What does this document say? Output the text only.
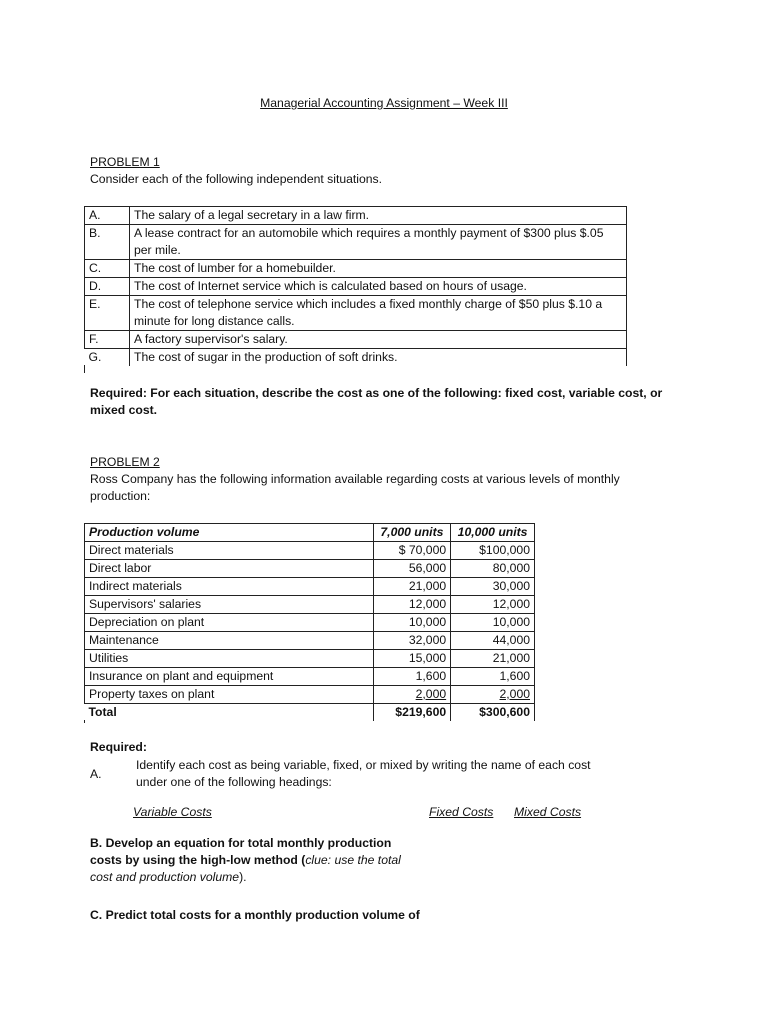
Managerial Accounting Assignment – Week III
PROBLEM 1
Consider each of the following independent situations.
A.	The salary of a legal secretary in a law firm.
B.	A lease contract for an automobile which requires a monthly payment of $300 plus $.05 per mile.
C.	The cost of lumber for a homebuilder.
D.	The cost of Internet service which is calculated based on hours of usage.
E.	The cost of telephone service which includes a fixed monthly charge of $50 plus $.10 a minute for long distance calls.
F.	A factory supervisor's salary.
G.	The cost of sugar in the production of soft drinks.
Required: For each situation, describe the cost as one of the following: fixed cost, variable cost, or mixed cost.
PROBLEM 2
Ross Company has the following information available regarding costs at various levels of monthly production:
Production volume	7,000 units	10,000 units
Direct materials	$ 70,000	$100,000
Direct labor	56,000	80,000
Indirect materials	21,000	30,000
Supervisors' salaries	12,000	12,000
Depreciation on plant	10,000	10,000
Maintenance	32,000	44,000
Utilities	15,000	21,000
Insurance on plant and equipment	1,600	1,600
Property taxes on plant	2,000	2,000
Total	$219,600	$300,600
Required:
A.
Identify each cost as being variable, fixed, or mixed by writing the name of each cost under one of the following headings:
Variable Costs	Fixed Costs Mixed Costs
B. Develop an equation for total monthly production costs by using the high-low method (clue: use the total cost and production volume).
C. Predict total costs for a monthly production volume of
